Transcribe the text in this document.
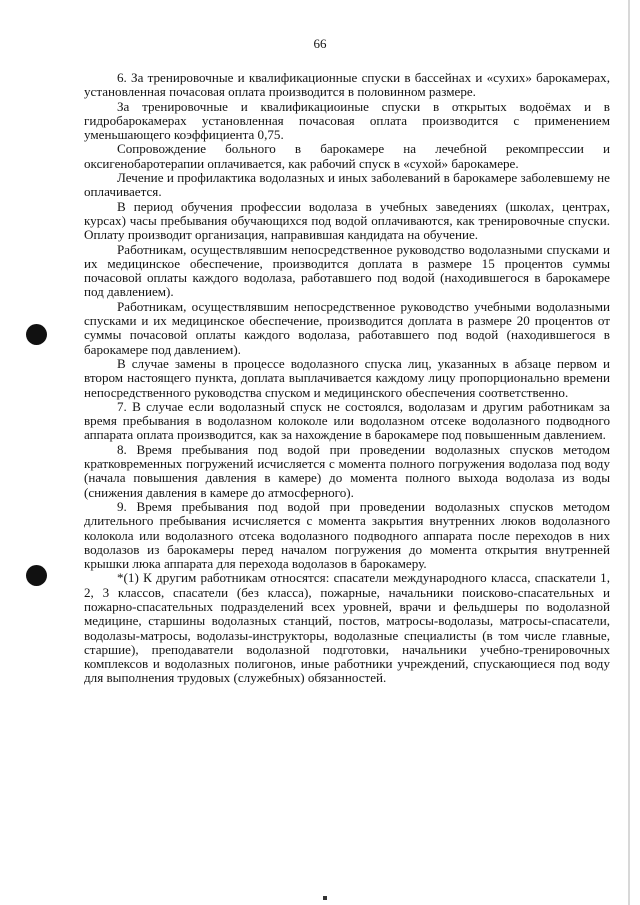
66

6. За тренировочные и квалификационные спуски в бассейнах и «сухих» барокамерах, установленная почасовая оплата производится в половинном размере.

За тренировочные и квалификациоиные спуски в открытых водоёмах и в гидробарокамерах установленная почасовая оплата производится с применением уменьшающего коэффициента 0,75.

Сопровождение больного в барокамере на лечебной рекомпрессии и оксигенобаротерапии оплачивается, как рабочий спуск в «сухой» барокамере.

Лечение и профилактика водолазных и иных заболеваний в барокамере заболевшему не оплачивается.

В период обучения профессии водолаза в учебных заведениях (школах, центрах, курсах) часы пребывания обучающихся под водой оплачиваются, как тренировочные спуски. Оплату производит организация, направившая кандидата на обучение.

Работникам, осуществлявшим непосредственное руководство водолазными спусками и их медицинское обеспечение, производится доплата в размере 15 процентов суммы почасовой оплаты каждого водолаза, работавшего под водой (находившегося в барокамере под давлением).

Работникам, осуществлявшим непосредственное руководство учебными водолазными спусками и их медицинское обеспечение, производится доплата в размере 20 процентов от суммы почасовой оплаты каждого водолаза, работавшего под водой (находившегося в барокамере под давлением).

В случае замены в процессе водолазного спуска лиц, указанных в абзаце первом и втором настоящего пункта, доплата выплачивается каждому лицу пропорционально времени непосредственного руководства спуском и медицинского обеспечения соответственно.

7. В случае если водолазный спуск не состоялся, водолазам и другим работникам за время пребывания в водолазном колоколе или водолазном отсеке водолазного подводного аппарата оплата производится, как за нахождение в барокамере под повышенным давлением.

8. Время пребывания под водой при проведении водолазных спусков методом кратковременных погружений исчисляется с момента полного погружения водолаза под воду (начала повышения давления в камере) до момента полного выхода водолаза из воды (снижения давления в камере до атмосферного).

9. Время пребывания под водой при проведении водолазных спусков методом длительного пребывания исчисляется с момента закрытия внутренних люков водолазного колокола или водолазного отсека водолазного подводного аппарата после переходов в них водолазов из барокамеры перед началом погружения до момента открытия внутренней крышки люка аппарата для перехода водолазов в барокамеру.

*(1) К другим работникам относятся: спасатели международного класса, спаскатели 1, 2, 3 классов, спасатели (без класса), пожарные, начальники поисково-спасательных и пожарно-спасательных подразделений всех уровней, врачи и фельдшеры по водолазной медицине, старшины водолазных станций, постов, матросы-водолазы, матросы-спасатели, водолазы-матросы, водолазы-инструкторы, водолазные специалисты (в том числе главные, старшие), преподаватели водолазной подготовки, начальники учебно-тренировочных комплексов и водолазных полигонов, иные работники учреждений, спускающиеся под воду для выполнения трудовых (служебных) обязанностей.
